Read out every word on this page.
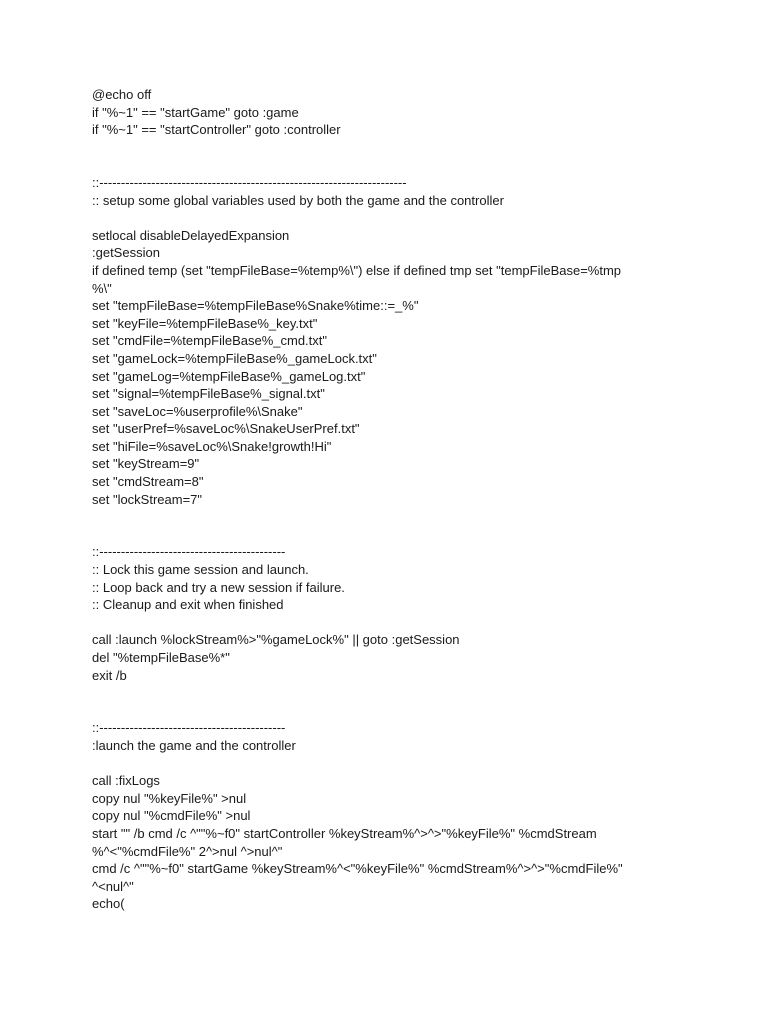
@echo off
if "%~1" == "startGame" goto :game
if "%~1" == "startController" goto :controller
::-----------------------------------------------------------------------
:: setup some global variables used by both the game and the controller
setlocal disableDelayedExpansion
:getSession
if defined temp (set "tempFileBase=%temp%\") else if defined tmp set "tempFileBase=%tmp
%\"
set "tempFileBase=%tempFileBase%Snake%time::=_%"
set "keyFile=%tempFileBase%_key.txt"
set "cmdFile=%tempFileBase%_cmd.txt"
set "gameLock=%tempFileBase%_gameLock.txt"
set "gameLog=%tempFileBase%_gameLog.txt"
set "signal=%tempFileBase%_signal.txt"
set "saveLoc=%userprofile%\Snake"
set "userPref=%saveLoc%\SnakeUserPref.txt"
set "hiFile=%saveLoc%\Snake!growth!Hi"
set "keyStream=9"
set "cmdStream=8"
set "lockStream=7"
::-------------------------------------------
:: Lock this game session and launch.
:: Loop back and try a new session if failure.
:: Cleanup and exit when finished
call :launch %lockStream%>"%gameLock%" || goto :getSession
del "%tempFileBase%*"
exit /b
::-------------------------------------------
:launch the game and the controller
call :fixLogs
copy nul "%keyFile%" >nul
copy nul "%cmdFile%" >nul
start "" /b cmd /c ^""%~f0" startController %keyStream%^>^>"%keyFile%" %cmdStream
%^<"%cmdFile%" 2^>nul ^>nul^"
cmd /c ^""%~f0" startGame %keyStream%^<"%keyFile%" %cmdStream%^>^>"%cmdFile%"
^<nul^"
echo(
